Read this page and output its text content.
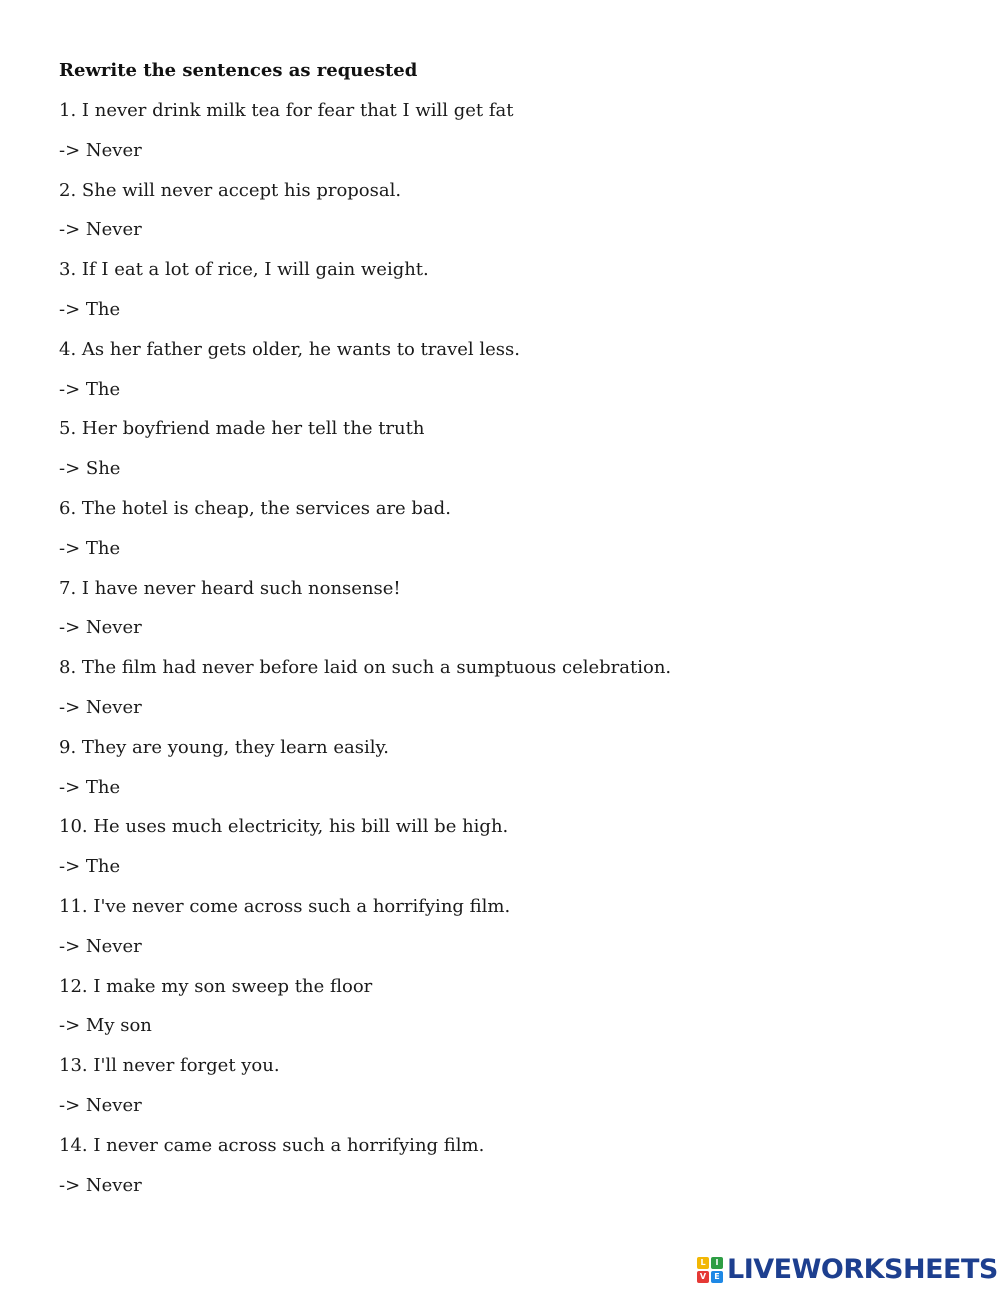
Rewrite the sentences as requested
1. I never drink milk tea for fear that I will get fat
-> Never
2. She will never accept his proposal.
-> Never
3. If I eat a lot of rice, I will gain weight.
-> The
4. As her father gets older, he wants to travel less.
-> The
5. Her boyfriend made her tell the truth
-> She
6. The hotel is cheap, the services are bad.
-> The
7. I have never heard such nonsense!
-> Never
8. The film had never before laid on such a sumptuous celebration.
-> Never
9. They are young, they learn easily.
-> The
10. He uses much electricity, his bill will be high.
-> The
11. I've never come across such a horrifying film.
-> Never
12. I make my son sweep the floor
-> My son
13. I'll never forget you.
-> Never
14. I never came across such a horrifying film.
-> Never
L	I
V	E LIVEWORKSHEETS
